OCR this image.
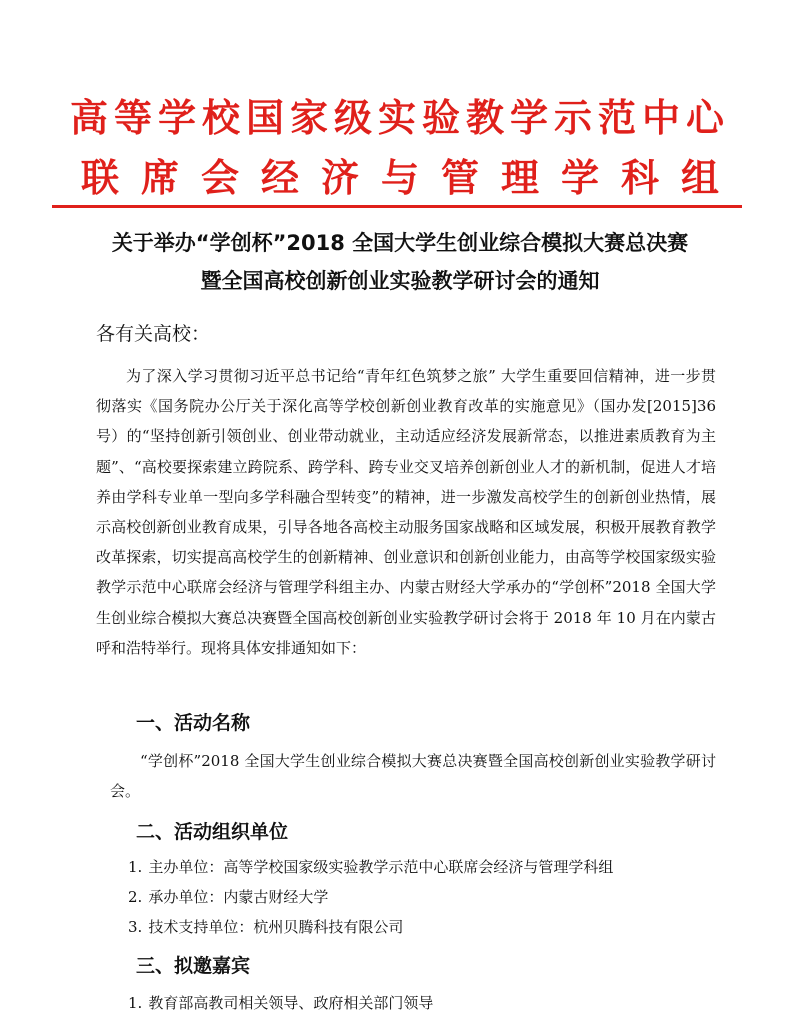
高等学校国家级实验教学示范中心
联席会经济与管理学科组
关于举办“学创杯”2018 全国大学生创业综合模拟大赛总决赛
暨全国高校创新创业实验教学研讨会的通知
各有关高校：

为了深入学习贯彻习近平总书记给“青年红色筑梦之旅” 大学生重要回信精神，进一步贯彻落实《国务院办公厅关于深化高等学校创新创业教育改革的实施意见》（国办发[2015]36 号）的“坚持创新引领创业、创业带动就业，主动适应经济发展新常态，以推进素质教育为主题”、“高校要探索建立跨院系、跨学科、跨专业交叉培养创新创业人才的新机制，促进人才培养由学科专业单一型向多学科融合型转变”的精神，进一步激发高校学生的创新创业热情，展示高校创新创业教育成果，引导各地各高校主动服务国家战略和区域发展，积极开展教育教学改革探索，切实提高高校学生的创新精神、创业意识和创新创业能力，由高等学校国家级实验教学示范中心联席会经济与管理学科组主办、内蒙古财经大学承办的“学创杯”2018 全国大学生创业综合模拟大赛总决赛暨全国高校创新创业实验教学研讨会将于 2018 年 10 月在内蒙古呼和浩特举行。现将具体安排通知如下：

一、活动名称

“学创杯”2018 全国大学生创业综合模拟大赛总决赛暨全国高校创新创业实验教学研讨会。

二、活动组织单位
1. 主办单位：高等学校国家级实验教学示范中心联席会经济与管理学科组
2. 承办单位：内蒙古财经大学
3. 技术支持单位：杭州贝腾科技有限公司
三、拟邀嘉宾
1. 教育部高教司相关领导、政府相关部门领导
